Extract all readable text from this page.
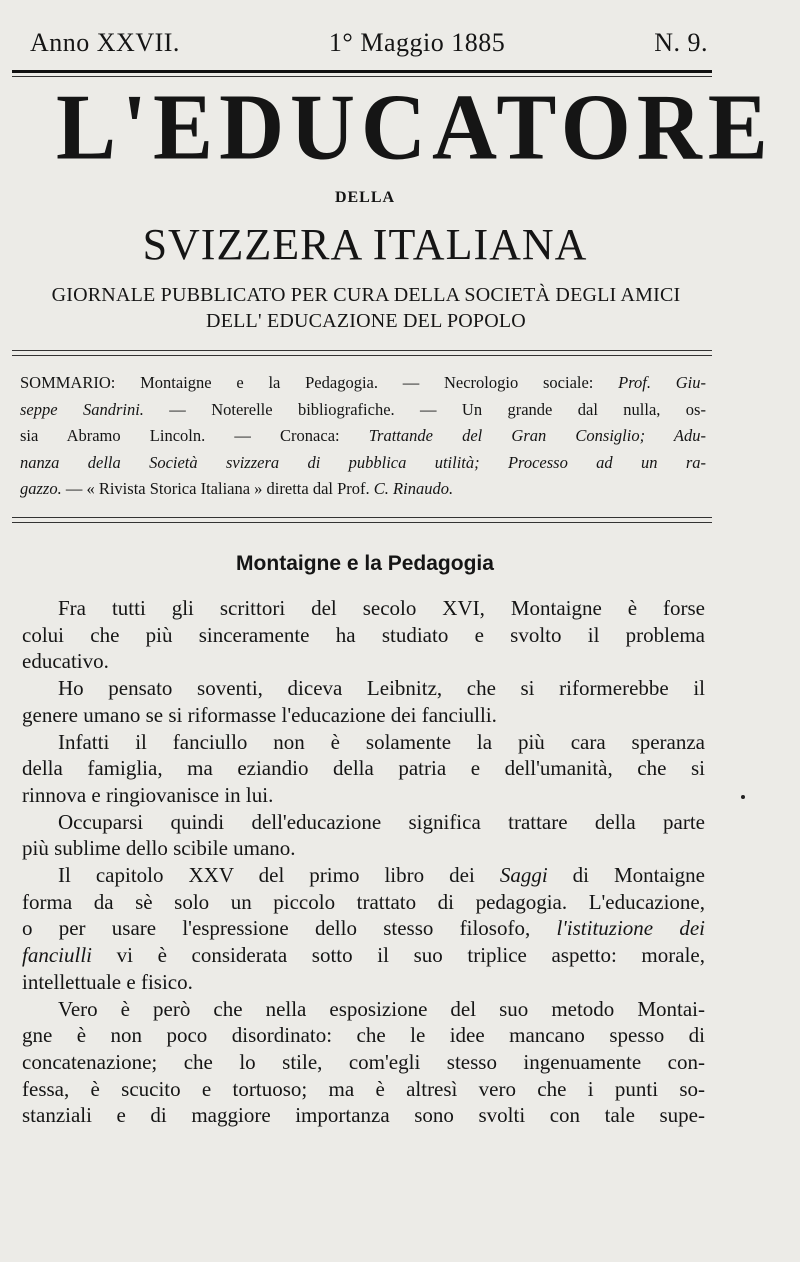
Anno XXVII.	1° Maggio 1885	N. 9.
L'EDUCATORE
DELLA
SVIZZERA ITALIANA
GIORNALE PUBBLICATO PER CURA DELLA SOCIETÀ DEGLI AMICI
DELL' EDUCAZIONE DEL POPOLO
SOMMARIO: Montaigne e la Pedagogia. — Necrologio sociale: Prof. Giu-
seppe Sandrini. — Noterelle bibliografiche. — Un grande dal nulla, os-
sia Abramo Lincoln. — Cronaca: Trattande del Gran Consiglio; Adu-
nanza della Società svizzera di pubblica utilità; Processo ad un ra-
gazzo. — « Rivista Storica Italiana » diretta dal Prof. C. Rinaudo.
Montaigne e la Pedagogia
Fra tutti gli scrittori del secolo XVI, Montaigne è forse
colui che più sinceramente ha studiato e svolto il problema
educativo.
Ho pensato soventi, diceva Leibnitz, che si riformerebbe il
genere umano se si riformasse l'educazione dei fanciulli.
Infatti il fanciullo non è solamente la più cara speranza
della famiglia, ma eziandio della patria e dell'umanità, che si
rinnova e ringiovanisce in lui.
Occuparsi quindi dell'educazione significa trattare della parte
più sublime dello scibile umano.
Il capitolo XXV del primo libro dei Saggi di Montaigne
forma da sè solo un piccolo trattato di pedagogia. L'educazione,
o per usare l'espressione dello stesso filosofo, l'istituzione dei
fanciulli vi è considerata sotto il suo triplice aspetto: morale,
intellettuale e fisico.
Vero è però che nella esposizione del suo metodo Montai-
gne è non poco disordinato: che le idee mancano spesso di
concatenazione; che lo stile, com'egli stesso ingenuamente con-
fessa, è scucito e tortuoso; ma è altresì vero che i punti so-
stanziali e di maggiore importanza sono svolti con tale supe-
